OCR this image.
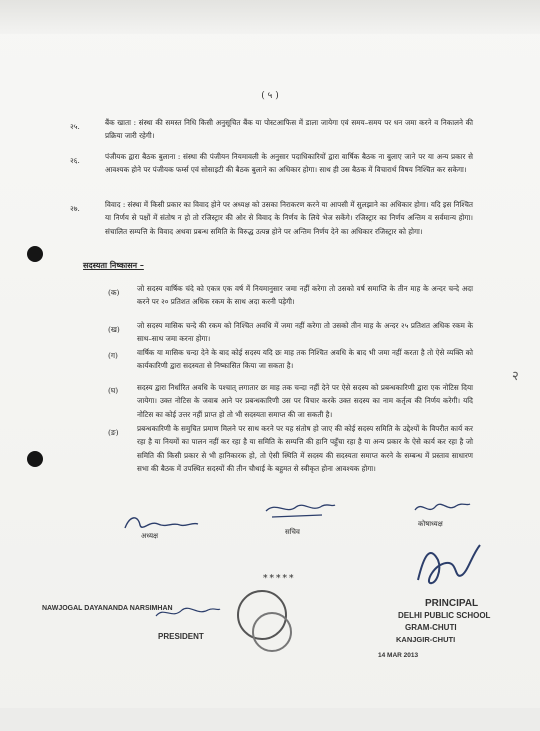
( ५ )
२५.	बैंक खाता : संस्था की समस्त निधि किसी अनुसूचित बैंक या पोस्टआफिस में डाला जायेगा एवं समय–समय पर धन जमा करने व निकालने की प्रक्रिया जारी रहेगी।
२६.	पंजीयक द्वारा बैठक बुलाना : संस्था की पंजीयन नियमावली के अनुसार पदाधिकारियों द्वारा वार्षिक बैठक ना बुलाए जाने पर या अन्य प्रकार से आवश्यक होने पर पंजीयक फर्म्स एवं सोसाइटी की बैठक बुलाने का अधिकार होगा। साथ ही उस बैठक में विचारार्थ विषय निश्चित कर सकेगा।
२७.	विवाद : संस्था में किसी प्रकार का विवाद होने पर अध्यक्ष को उसका निराकरण करने या आपसी में सुलझाने का अधिकार होगा। यदि इस निश्चित या निर्णय से पक्षों में संतोष न हो तो रजिस्ट्रार की ओर से विवाद के निर्णय के लिये भेज सकेंगे। रजिस्ट्रार का निर्णय अन्तिम व सर्वमान्य होगा। संचालित सम्पत्ति के विवाद अथवा प्रबन्ध समिति के विरुद्ध उत्पन्न होने पर अन्तिम निर्णय देने का अधिकार रजिस्ट्रार को होगा।
सदस्यता निष्कासन –
(क) जो सदस्य वार्षिक चंदे को एकत्र एक वर्ष में नियमानुसार जमा नहीं करेगा तो उसको वर्ष समाप्ति के तीन माह के अन्दर चन्दे अदा करने पर २० प्रतिशत अधिक रकम के साथ अदा करनी पड़ेगी।
(ख) जो सदस्य मासिक चन्दे की रकम को निश्चित अवधि में जमा नहीं करेगा तो उसको तीन माह के अन्दर २५ प्रतिशत अधिक रकम के साथ–साथ जमा करना होगा।
(ग)	वार्षिक या मासिक चन्दा देने के बाद कोई सदस्य यदि छः माह तक निश्चित अवधि के बाद भी जमा नहीं करता है तो ऐसे व्यक्ति को कार्यकारिणी द्वारा सदस्यता से निष्कासित किया जा सकता है।
(घ)	सदस्य द्वारा निर्धारित अवधि के पश्चात् लगातार छः माह तक चन्दा नहीं देने पर ऐसे सदस्य को प्रबन्धकारिणी द्वारा एक नोटिस दिया जायेगा। उक्त नोटिस के जवाब आने पर प्रबन्धकारिणी उस पर विचार करके उक्त सदस्य का नाम कर्तृत्व की निर्णय करेगी। यदि नोटिस का कोई उत्तर नहीं प्राप्त हो तो भी सदस्यता समाप्त की जा सकती है।
(ङ)	प्रबन्धकारिणी के समुचित प्रमाण मिलने पर साथ करने पर यह संतोष हो जाए की कोई सदस्य समिति के उद्देश्यों के विपरीत कार्य कर रहा है या नियमों का पालन नहीं कर रहा है या समिति के सम्पत्ति की हानि पहुँचा रहा है या अन्य प्रकार के ऐसे कार्य कर रहा है जो समिति की किसी प्रकार से भी हानिकारक हो, तो ऐसी स्थिति में सदस्य की सदस्यता समाप्त करने के सम्बन्ध में प्रस्ताव साधारण सभा की बैठक में उपस्थित सदस्यों की तीन चौथाई के बहुमत से स्वीकृत होना आवश्यक होगा।
२
अध्यक्ष	सचिव
कोषाध्यक्ष
*****
NAWJOGAL DAYANANDA NARSIMHAN
PRESIDENT
PRINCIPAL
DELHI PUBLIC SCHOOL
GRAM-CHUTI
KANJGIR-CHUTI
14 MAR 2013
